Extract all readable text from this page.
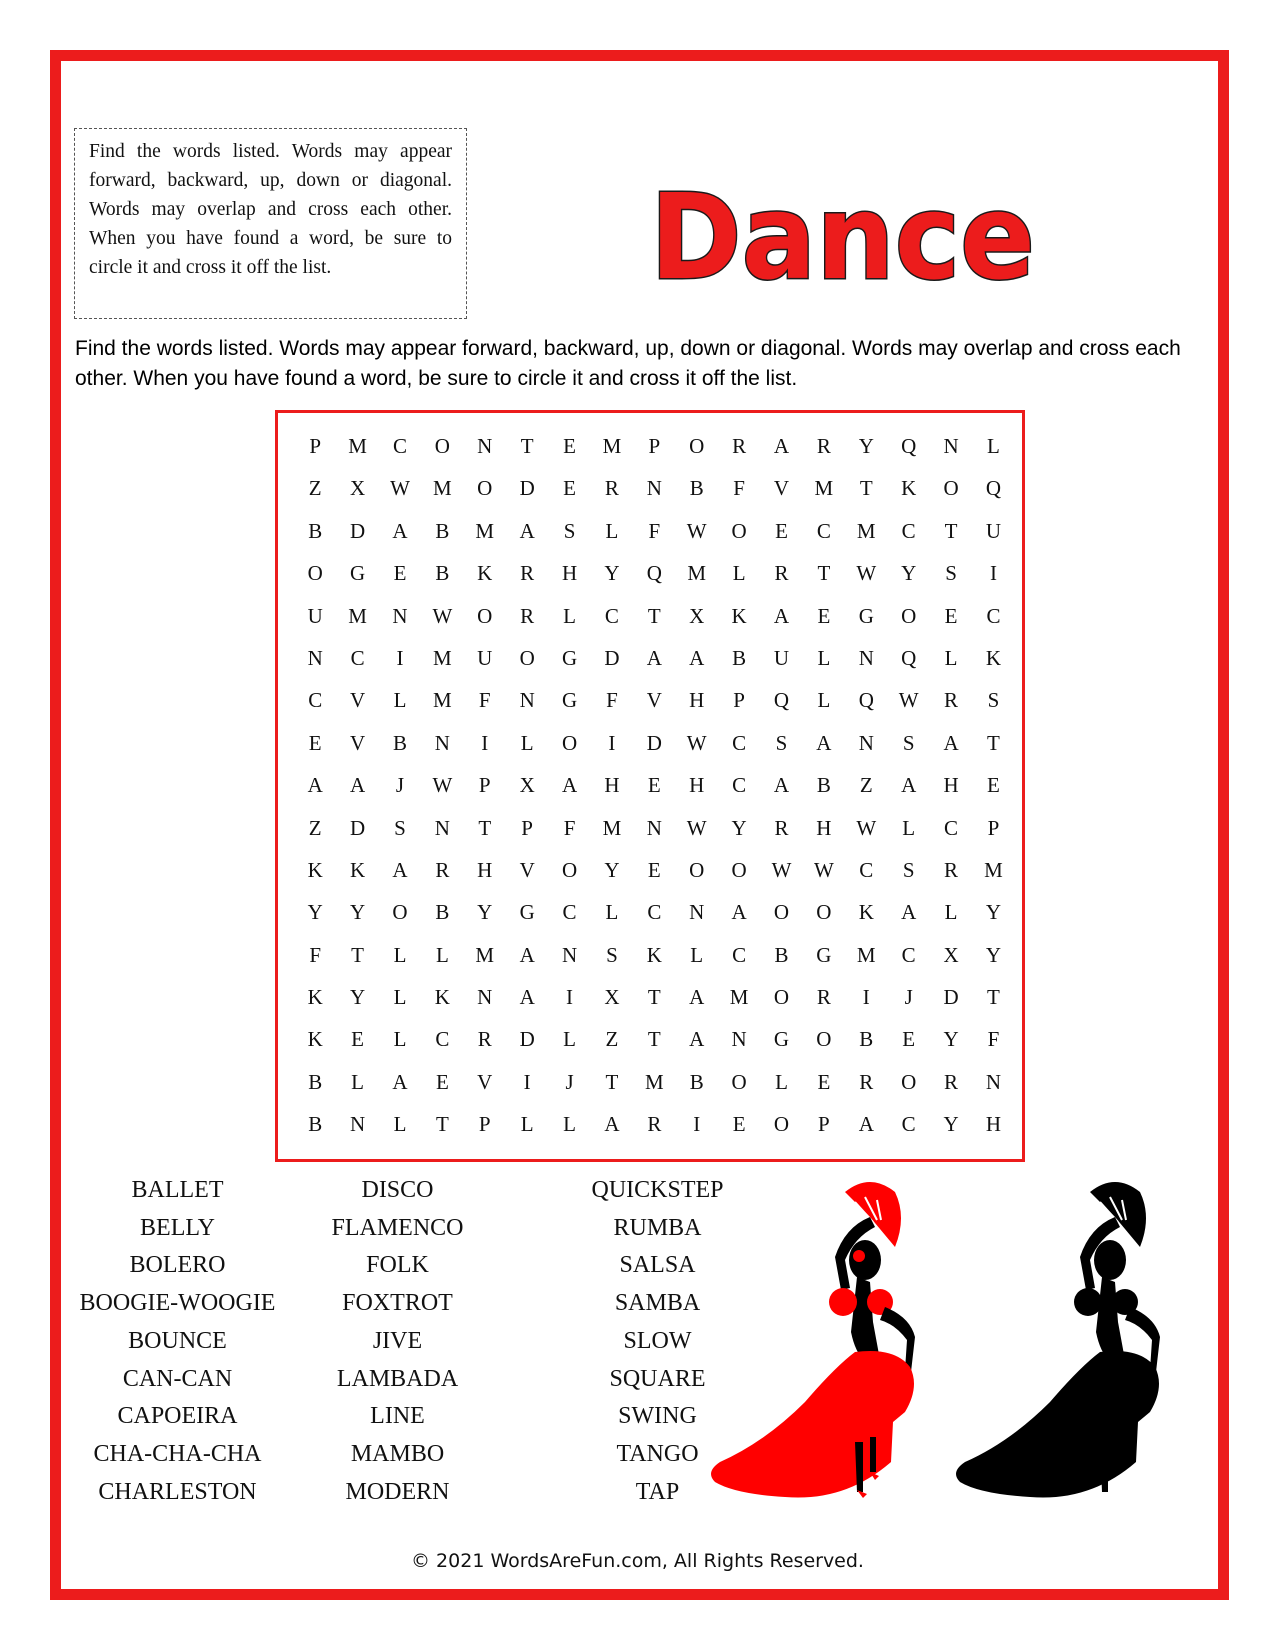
Find the words listed. Words may appear forward, backward, up, down or diagonal. Words may overlap and cross each other. When you have found a word, be sure to circle it and cross it off the list.	Dance
Find the words listed. Words may appear forward, backward, up, down or diagonal. Words may overlap and cross each other. When you have found a word, be sure to circle it and cross it off the list.
P	M	C	O	N	T	E	M	P	O	R	A	R	Y	Q	N	L
Z	X	W	M	O	D	E	R	N	B	F	V	M	T	K	O	Q
B	D	A	B	M	A	S	L	F	W	O	E	C	M	C	T	U
O	G	E	B	K	R	H	Y	Q	M	L	R	T	W	Y	S	I
U	M	N	W	O	R	L	C	T	X	K	A	E	G	O	E	C
N	C	I	M	U	O	G	D	A	A	B	U	L	N	Q	L	K
C	V	L	M	F	N	G	F	V	H	P	Q	L	Q	W	R	S
E	V	B	N	I	L	O	I	D	W	C	S	A	N	S	A	T
A	A	J	W	P	X	A	H	E	H	C	A	B	Z	A	H	E
Z	D	S	N	T	P	F	M	N	W	Y	R	H	W	L	C	P
K	K	A	R	H	V	O	Y	E	O	O	W	W	C	S	R	M
Y	Y	O	B	Y	G	C	L	C	N	A	O	O	K	A	L	Y
F	T	L	L	M	A	N	S	K	L	C	B	G	M	C	X	Y
K	Y	L	K	N	A	I	X	T	A	M	O	R	I	J	D	T
K	E	L	C	R	D	L	Z	T	A	N	G	O	B	E	Y	F
B	L	A	E	V	I	J	T	M	B	O	L	E	R	O	R	N
B	N	L	T	P	L	L	A	R	I	E	O	P	A	C	Y	H
BALLET
BELLY
BOLERO
BOOGIE-WOOGIE
BOUNCE
CAN-CAN
CAPOEIRA
CHA-CHA-CHA
CHARLESTON
DISCO
FLAMENCO
FOLK
FOXTROT
JIVE
LAMBADA
LINE
MAMBO
MODERN
QUICKSTEP
RUMBA
SALSA
SAMBA
SLOW
SQUARE
SWING
TANGO
TAP
© 2021 WordsAreFun.com, All Rights Reserved.
